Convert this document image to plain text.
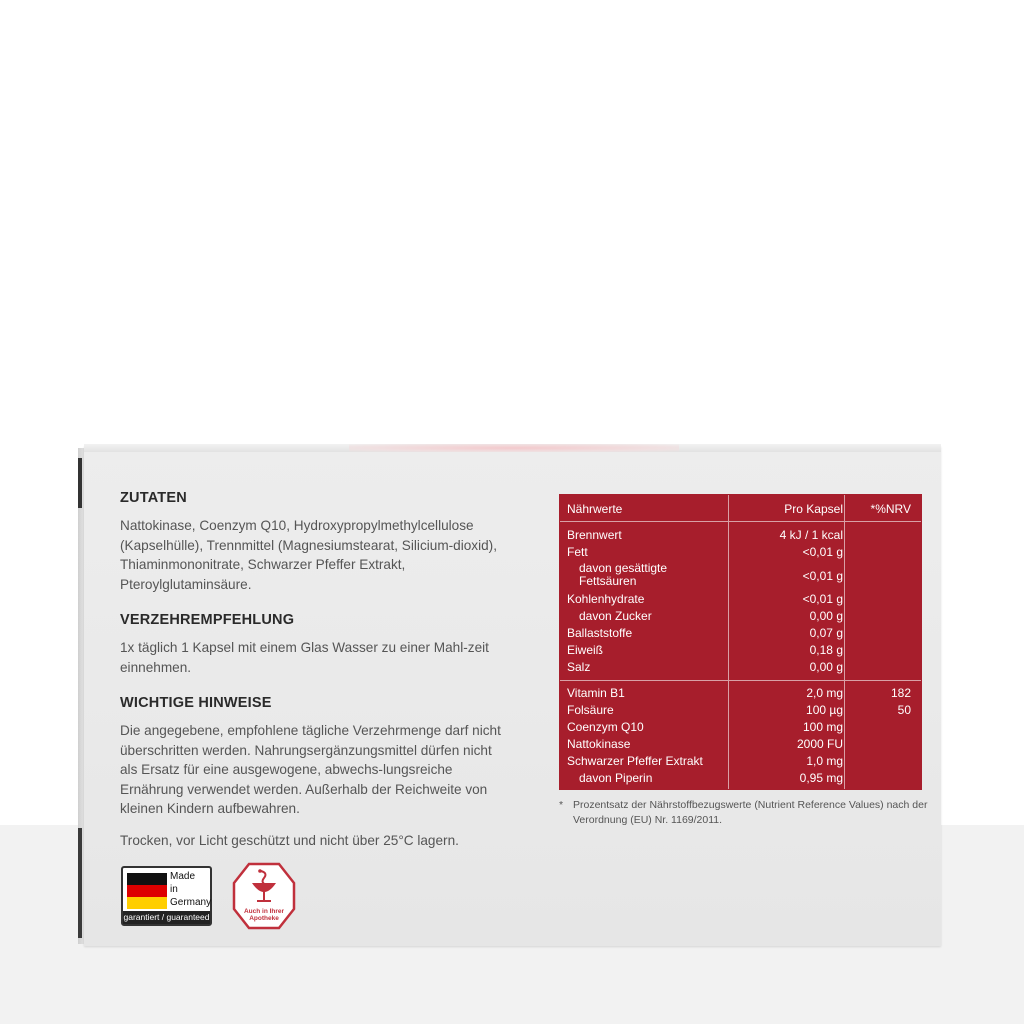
ZUTATEN

Nattokinase, Coenzym Q10, Hydroxypropylmethylcellulose (Kapselhülle), Trennmittel (Magnesiumstearat, Silicium-dioxid), Thiaminmononitrate, Schwarzer Pfeffer Extrakt, Pteroylglutaminsäure.

VERZEHREMPFEHLUNG

1x täglich 1 Kapsel mit einem Glas Wasser zu einer Mahl-zeit einnehmen.

WICHTIGE HINWEISE

Die angegebene, empfohlene tägliche Verzehrmenge darf nicht überschritten werden. Nahrungsergänzungsmittel dürfen nicht als Ersatz für eine ausgewogene, abwechs-lungsreiche Ernährung verwendet werden. Außerhalb der Reichweite von kleinen Kindern aufbewahren.

Trocken, vor Licht geschützt und nicht über 25°C lagern.

Nährwerte	Pro Kapsel	*%NRV
Brennwert	4 kJ / 1 kcal
Fett	<0,01 g
davon gesättigte
Fettsäuren	<0,01 g
Kohlenhydrate	<0,01 g
davon Zucker	0,00 g
Ballaststoffe	0,07 g
Eiweiß	0,18 g
Salz	0,00 g
Vitamin B1	2,0 mg	182
Folsäure	100 µg	50
Coenzym Q10	100 mg
Nattokinase	2000 FU
Schwarzer Pfeffer Extrakt	1,0 mg
davon Piperin	0,95 mg
* Prozentsatz der Nährstoffbezugswerte (Nutrient Reference Values) nach der Verordnung (EU) Nr. 1169/2011.
Made
in
Germany
garantiert / guaranteed
Auch in Ihrer
Apotheke
